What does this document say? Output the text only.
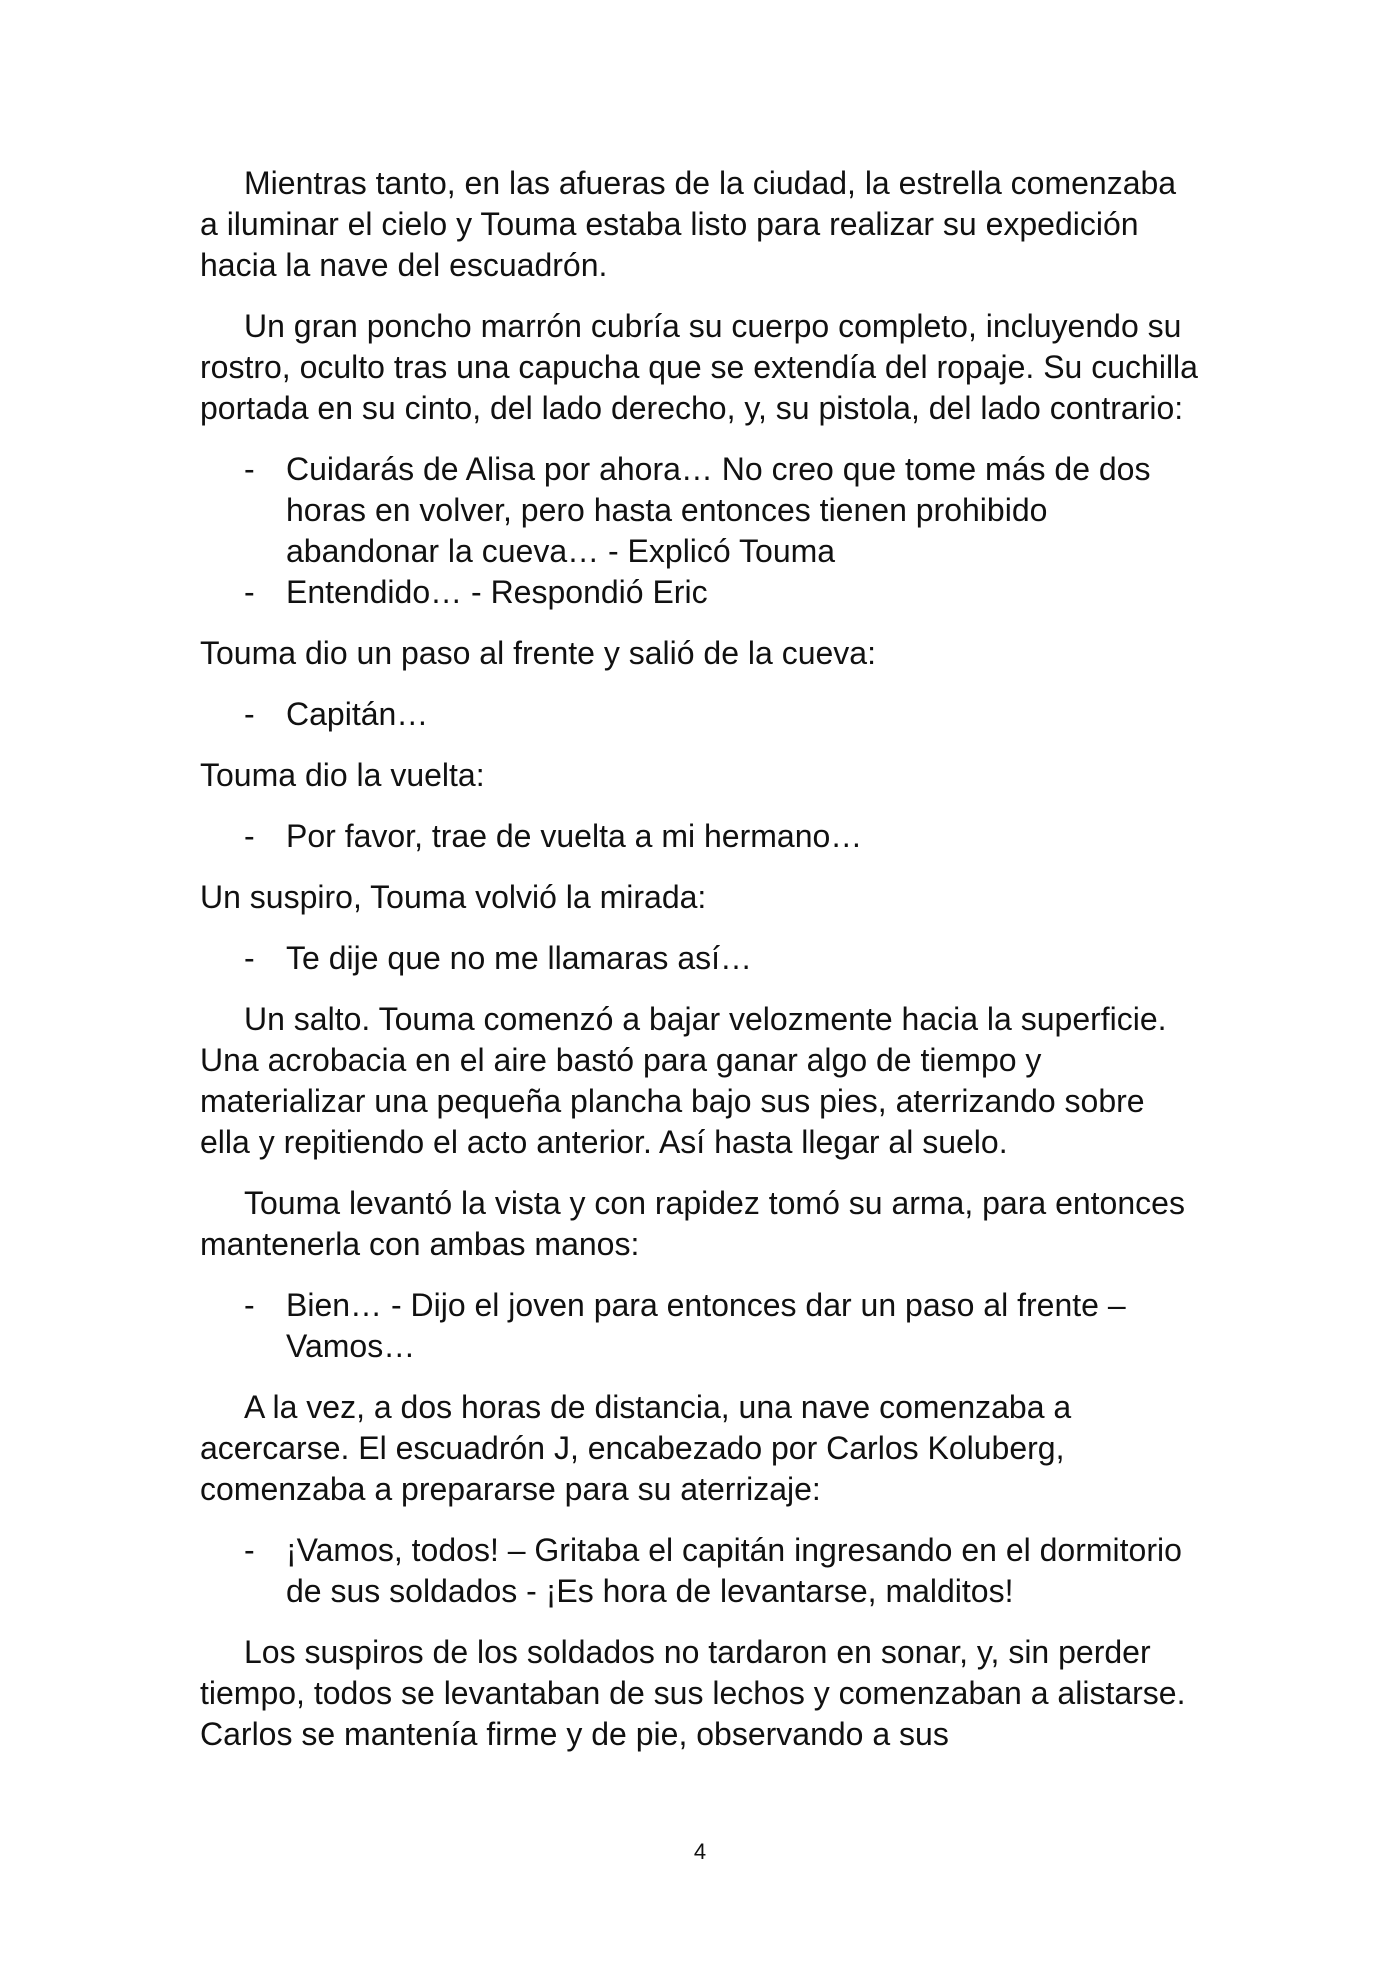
Mientras tanto, en las afueras de la ciudad, la estrella comenzaba a iluminar el cielo y Touma estaba listo para realizar su expedición hacia la nave del escuadrón.

Un gran poncho marrón cubría su cuerpo completo, incluyendo su rostro, oculto tras una capucha que se extendía del ropaje. Su cuchilla portada en su cinto, del lado derecho, y, su pistola, del lado contrario:

- Cuidarás de Alisa por ahora… No creo que tome más de dos horas en volver, pero hasta entonces tienen prohibido abandonar la cueva… - Explicó Touma
- Entendido… - Respondió Eric

Touma dio un paso al frente y salió de la cueva:

- Capitán…

Touma dio la vuelta:

- Por favor, trae de vuelta a mi hermano…

Un suspiro, Touma volvió la mirada:

- Te dije que no me llamaras así…

Un salto. Touma comenzó a bajar velozmente hacia la superficie. Una acrobacia en el aire bastó para ganar algo de tiempo y materializar una pequeña plancha bajo sus pies, aterrizando sobre ella y repitiendo el acto anterior. Así hasta llegar al suelo.

Touma levantó la vista y con rapidez tomó su arma, para entonces mantenerla con ambas manos:

- Bien… - Dijo el joven para entonces dar un paso al frente – Vamos…

A la vez, a dos horas de distancia, una nave comenzaba a acercarse. El escuadrón J, encabezado por Carlos Koluberg, comenzaba a prepararse para su aterrizaje:

- ¡Vamos, todos! – Gritaba el capitán ingresando en el dormitorio de sus soldados - ¡Es hora de levantarse, malditos!

Los suspiros de los soldados no tardaron en sonar, y, sin perder tiempo, todos se levantaban de sus lechos y comenzaban a alistarse. Carlos se mantenía firme y de pie, observando a sus

4
